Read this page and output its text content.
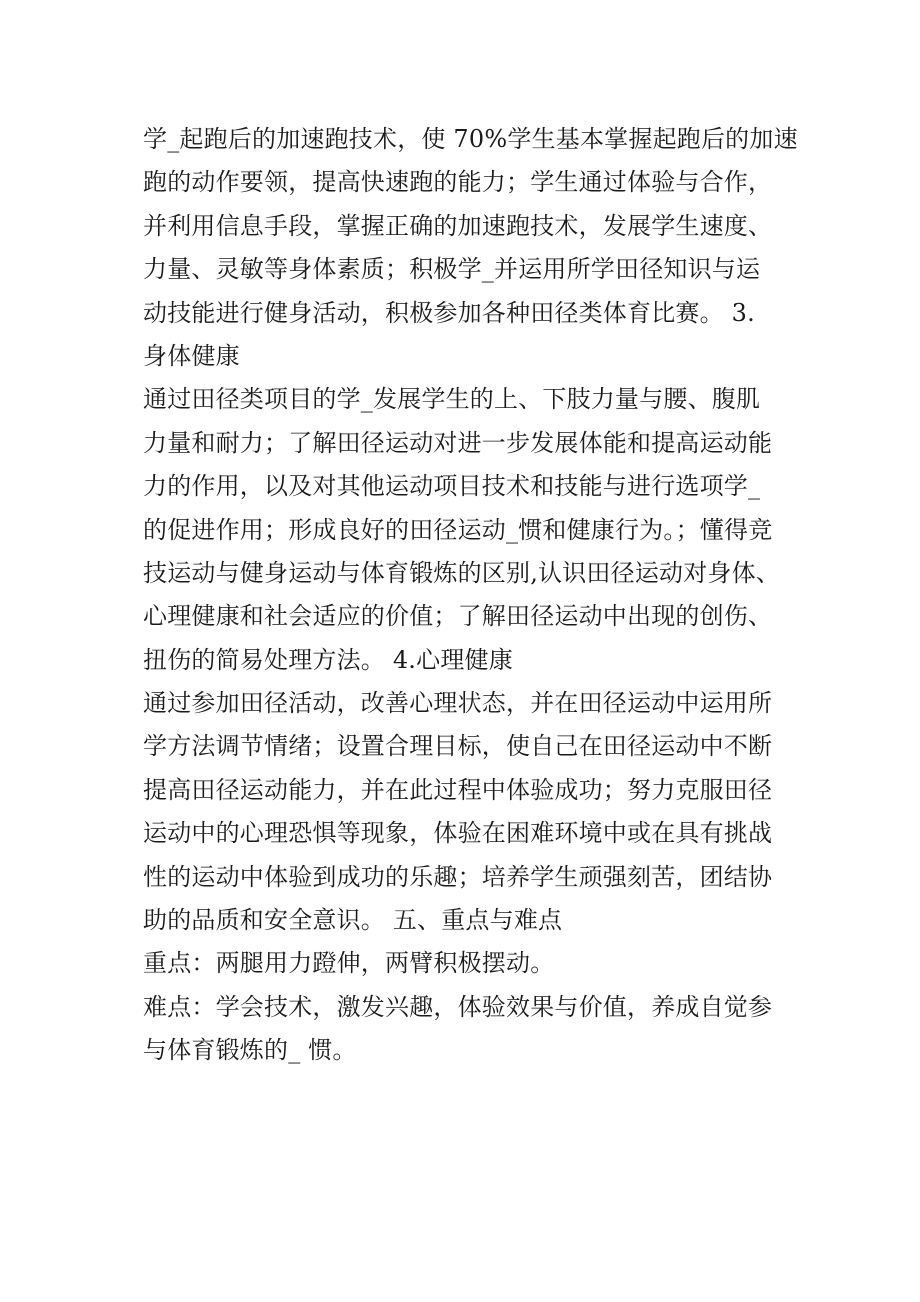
学_起跑后的加速跑技术，使 70%学生基本掌握起跑后的加速
跑的动作要领，提高快速跑的能力；学生通过体验与合作，
并利用信息手段，掌握正确的加速跑技术，发展学生速度、
力量、灵敏等身体素质；积极学_并运用所学田径知识与运
动技能进行健身活动，积极参加各种田径类体育比赛。 3.
身体健康
通过田径类项目的学_发展学生的上、下肢力量与腰、腹肌
力量和耐力；了解田径运动对进一步发展体能和提高运动能
力的作用，以及对其他运动项目技术和技能与进行选项学_
的促进作用；形成良好的田径运动_惯和健康行为。；懂得竞
技运动与健身运动与体育锻炼的区别,认识田径运动对身体、
心理健康和社会适应的价值；了解田径运动中出现的创伤、
扭伤的简易处理方法。 4.心理健康
通过参加田径活动，改善心理状态，并在田径运动中运用所
学方法调节情绪；设置合理目标，使自己在田径运动中不断
提高田径运动能力，并在此过程中体验成功；努力克服田径
运动中的心理恐惧等现象，体验在困难环境中或在具有挑战
性的运动中体验到成功的乐趣；培养学生顽强刻苦，团结协
助的品质和安全意识。 五、重点与难点
重点：两腿用力蹬伸，两臂积极摆动。
难点：学会技术，激发兴趣，体验效果与价值，养成自觉参
与体育锻炼的_ 惯。
